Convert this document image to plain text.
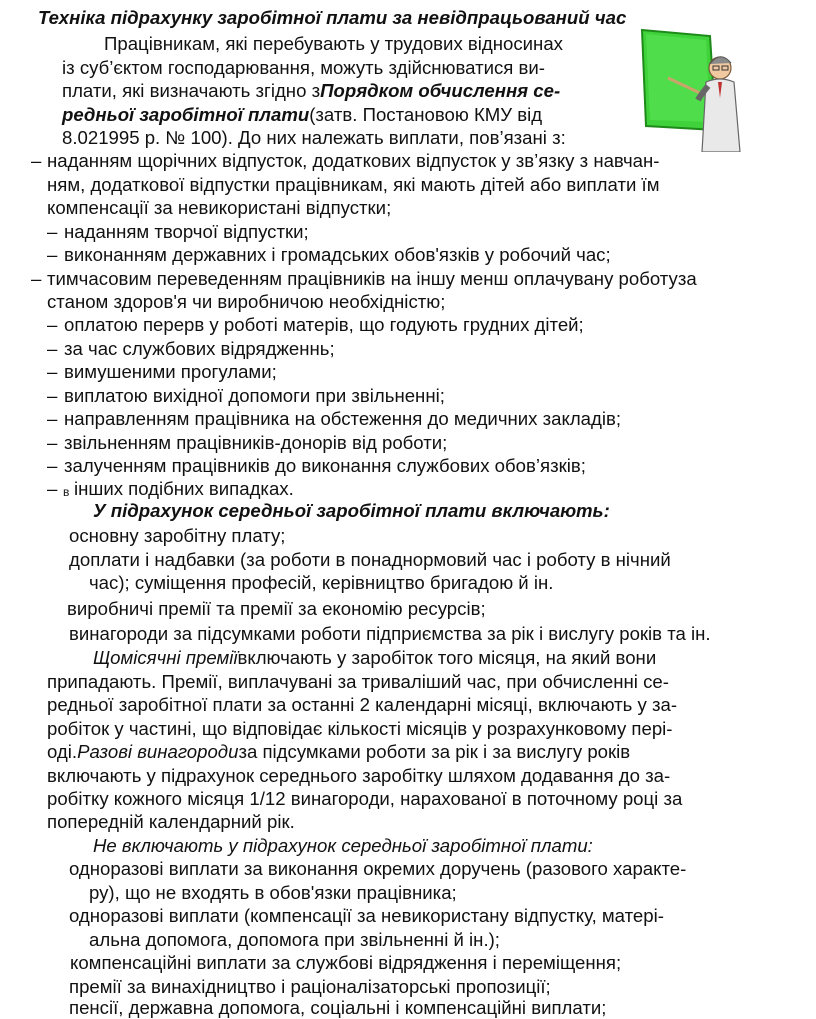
Техніка підрахунку заробітної плати за невідпрацьований час
Працівникам, які перебувають у трудових відносинах
із суб’єктом господарювання, можуть здійснюватися ви-
плати, які визначають згідно зПорядком обчислення се-
редньої заробітної плати(затв. Постановою КМУ від
8.021995 р. № 100). До них належать виплати, пов’язані з:
– наданням щорічних відпусток, додаткових відпусток у зв’язку з навчан-
ням, додаткової відпустки працівникам, які мають дітей або виплати їм
компенсації за невикористані відпустки;
– наданням творчої відпустки;
– виконанням державних і громадських обов'язків у робочий час;
– тимчасовим переведенням працівників на іншу менш оплачувану роботуза
станом здоров'я чи виробничою необхідністю;
– оплатою перерв у роботі матерів, що годують грудних дітей;
– за час службових відрядженнь;
– вимушеними прогулами;
– виплатою вихідної допомоги при звільненні;
– направленням працівника на обстеження до медичних закладів;
– звільненням працівників-донорів від роботи;
– залученням працівників до виконання службових обов’язків;
– в інших подібних випадках.
У підрахунок середньої заробітної плати включають:
основну заробітну плату;
доплати і надбавки (за роботи в понаднормовий час і роботу в нічний
час); суміщення професій, керівництво бригадою й ін.
виробничі премії та премії за економію ресурсів;
винагороди за підсумками роботи підприємства за рік і вислугу років та ін.
Щомісячні преміївключають у заробіток того місяця, на який вони
припадають. Премії, виплачувані за триваліший час, при обчисленні се-
редньої заробітної плати за останні 2 календарні місяці, включають у за-
робіток у частині, що відповідає кількості місяців у розрахунковому пері-
оді.Разові винагородиза підсумками роботи за рік і за вислугу років
включають у підрахунок середнього заробітку шляхом додавання до за-
робітку кожного місяця 1/12 винагороди, нарахованої в поточному році за
попередній календарний рік.
Не включають у підрахунок середньої заробітної плати:
одноразові виплати за виконання окремих доручень (разового характе-
ру), що не входять в обов'язки працівника;
одноразові виплати (компенсації за невикористану відпустку, матері-
альна допомога, допомога при звільненні й ін.);
компенсаційні виплати за службові відрядження і переміщення;
премії за винахідництво і раціоналізаторські пропозиції;
пенсії, державна допомога, соціальні і компенсаційні виплати;
